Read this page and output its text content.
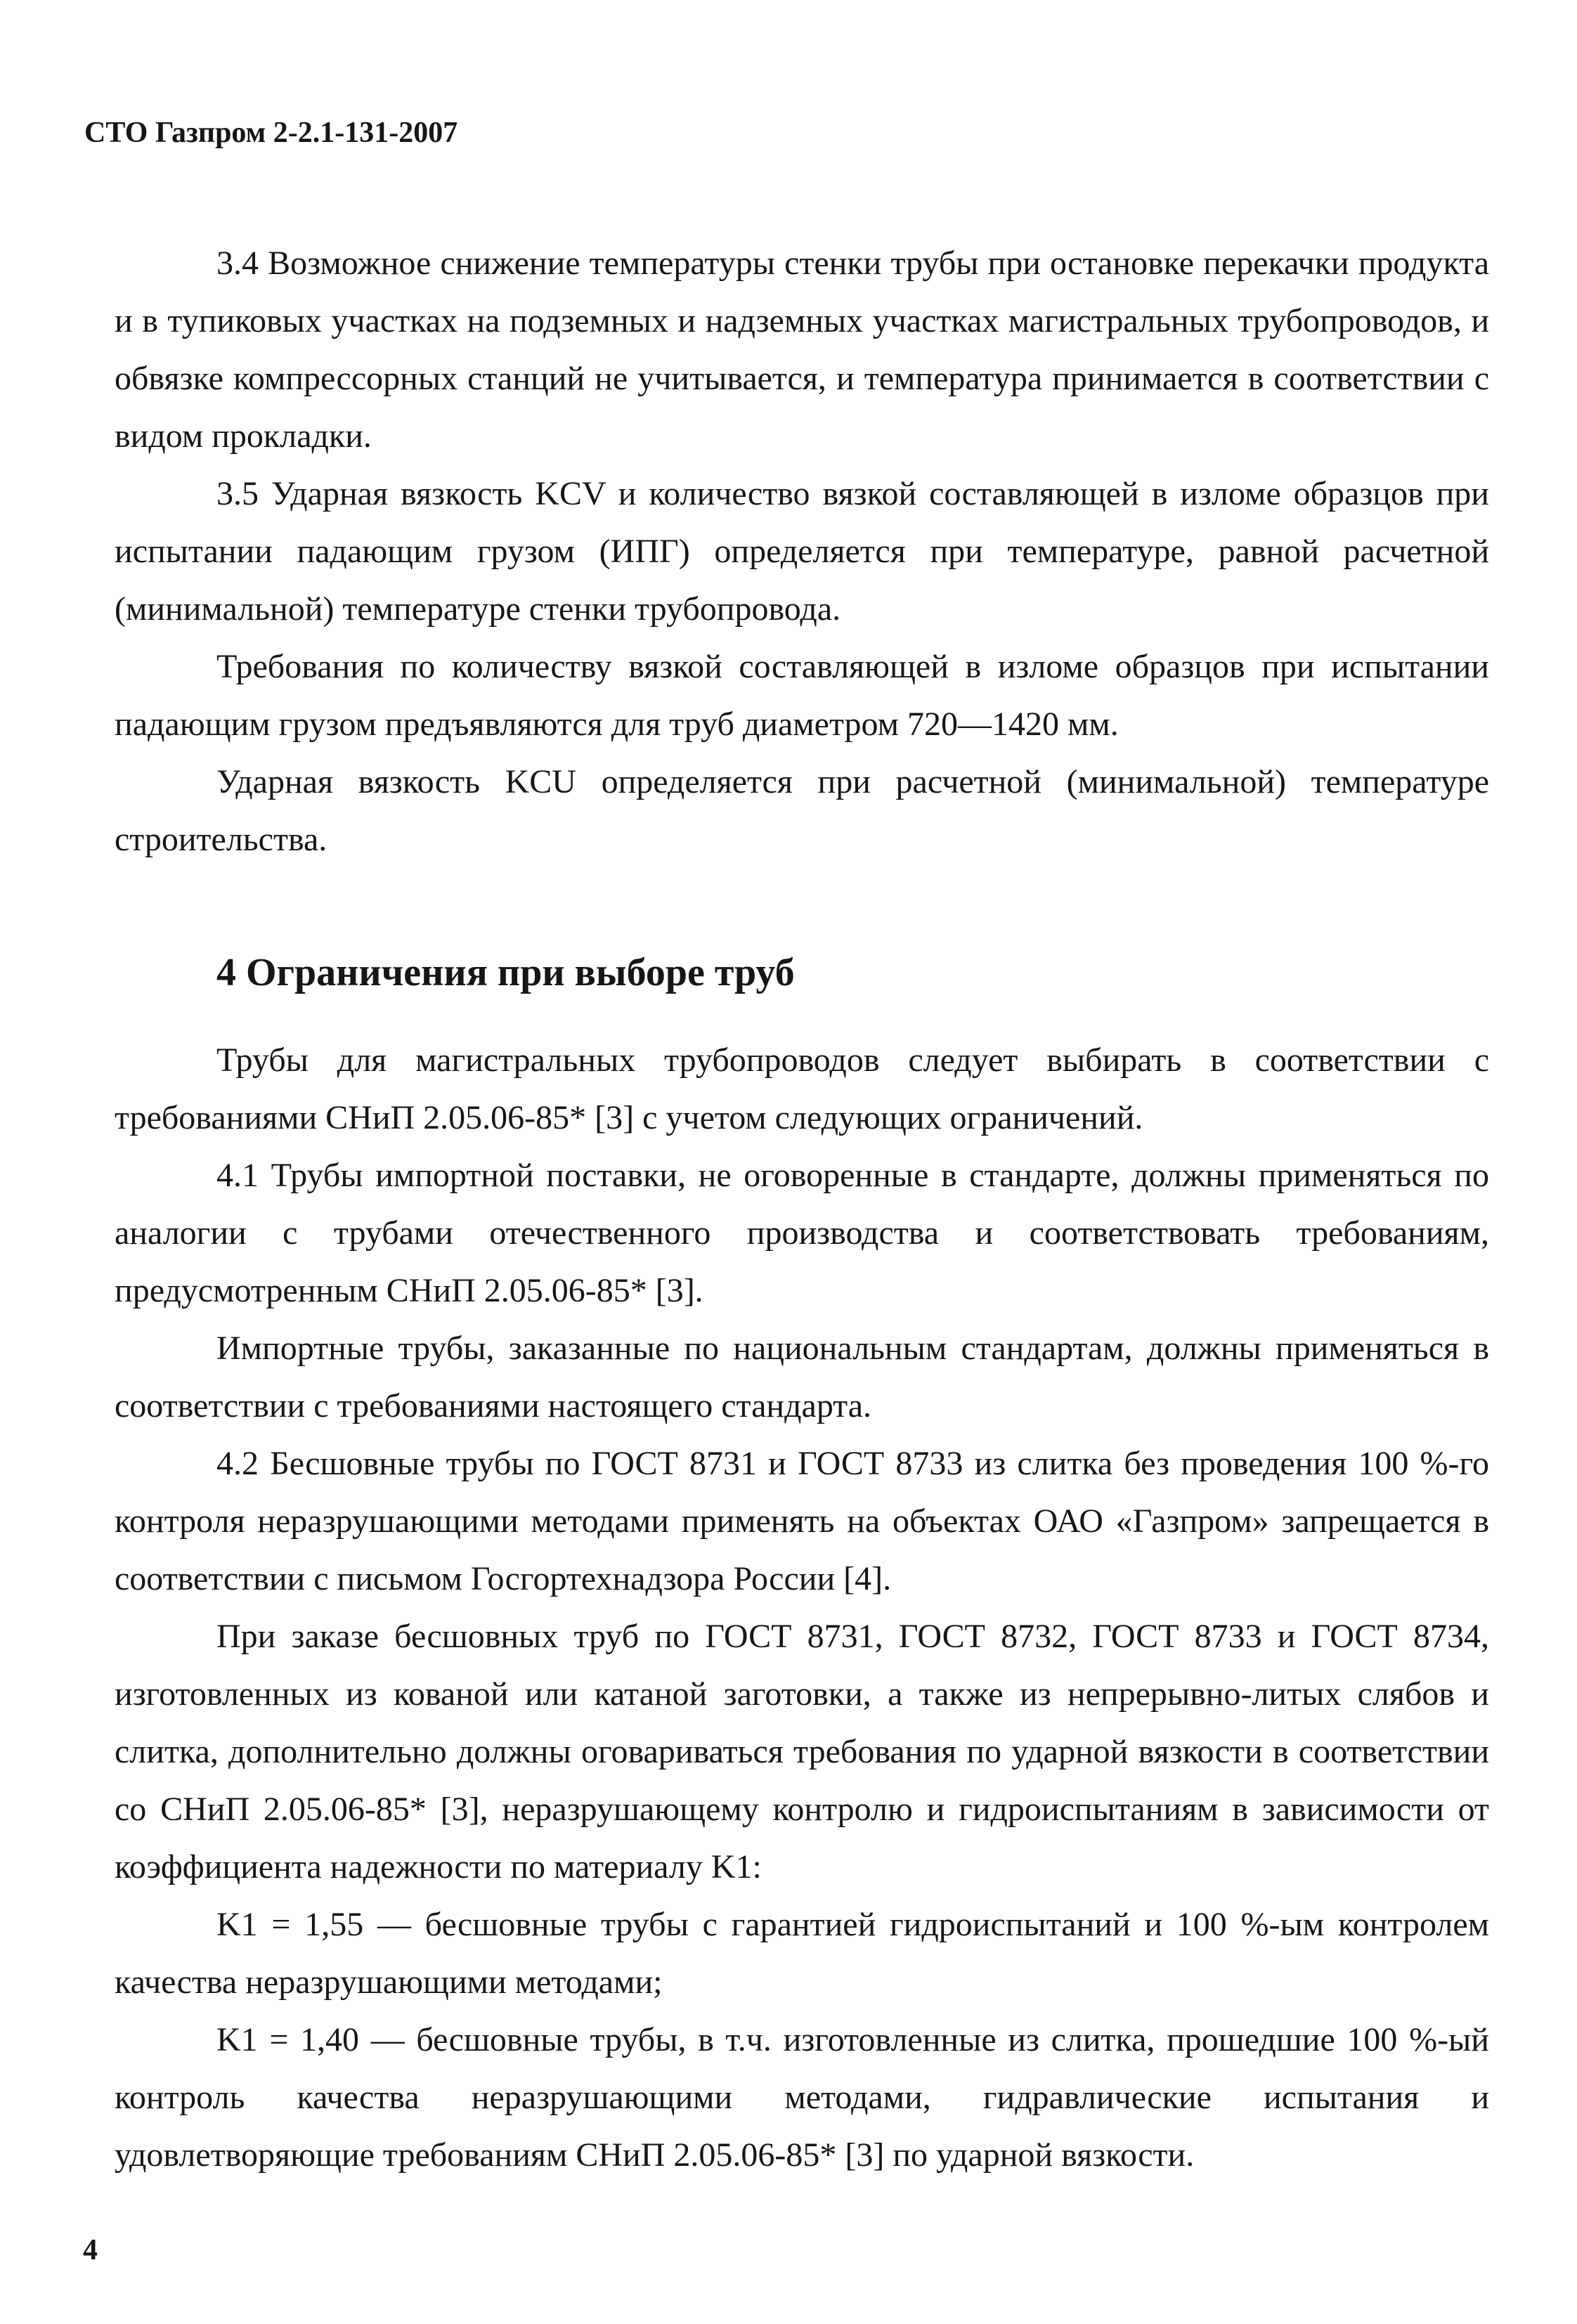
СТО Газпром 2-2.1-131-2007

3.4 Возможное снижение температуры стенки трубы при остановке перекачки продукта и в тупиковых участках на подземных и надземных участках магистральных трубопроводов, и обвязке компрессорных станций не учитывается, и температура принимается в соответствии с видом прокладки.

3.5 Ударная вязкость KCV и количество вязкой составляющей в изломе образцов при испытании падающим грузом (ИПГ) определяется при температуре, равной расчетной (минимальной) температуре стенки трубопровода.

Требования по количеству вязкой составляющей в изломе образцов при испытании падающим грузом предъявляются для труб диаметром 720—1420 мм.

Ударная вязкость KCU определяется при расчетной (минимальной) температуре строительства.

4 Ограничения при выборе труб

Трубы для магистральных трубопроводов следует выбирать в соответствии с требованиями СНиП 2.05.06-85* [3] с учетом следующих ограничений.

4.1 Трубы импортной поставки, не оговоренные в стандарте, должны применяться по аналогии с трубами отечественного производства и соответствовать требованиям, предусмотренным СНиП 2.05.06-85* [3].

Импортные трубы, заказанные по национальным стандартам, должны применяться в соответствии с требованиями настоящего стандарта.

4.2 Бесшовные трубы по ГОСТ 8731 и ГОСТ 8733 из слитка без проведения 100 %-го контроля неразрушающими методами применять на объектах ОАО «Газпром» запрещается в соответствии с письмом Госгортехнадзора России [4].

При заказе бесшовных труб по ГОСТ 8731, ГОСТ 8732, ГОСТ 8733 и ГОСТ 8734, изготовленных из кованой или катаной заготовки, а также из непрерывно-литых слябов и слитка, дополнительно должны оговариваться требования по ударной вязкости в соответствии со СНиП 2.05.06-85* [3], неразрушающему контролю и гидроиспытаниям в зависимости от коэффициента надежности по материалу K1:

K1 = 1,55 — бесшовные трубы с гарантией гидроиспытаний и 100 %-ым контролем качества неразрушающими методами;

K1 = 1,40 — бесшовные трубы, в т.ч. изготовленные из слитка, прошедшие 100 %-ый контроль качества неразрушающими методами, гидравлические испытания и удовлетворяющие требованиям СНиП 2.05.06-85* [3] по ударной вязкости.

4
